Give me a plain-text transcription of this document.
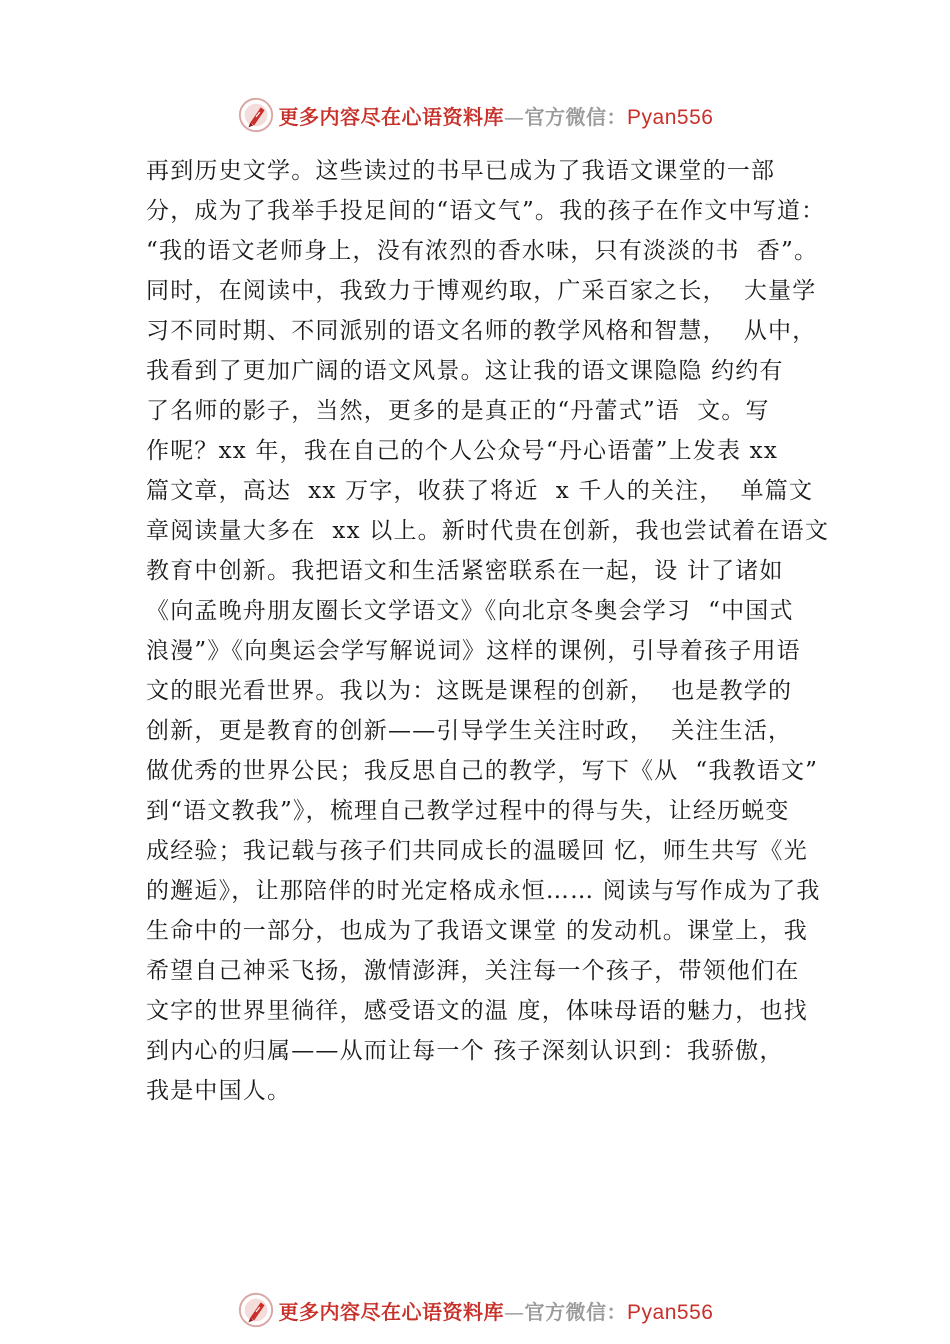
更多内容尽在心语资料库—官方微信：Pyan556
再到历史文学。这些读过的书早已成为了我语文课堂的一部
分，成为了我举手投足间的“语文气”。我的孩子在作文中写道：
“我的语文老师身上，没有浓烈的香水味，只有淡淡的书  香”。
同时，在阅读中，我致力于博观约取，广采百家之长，  大量学
习不同时期、不同派别的语文名师的教学风格和智慧，  从中，
我看到了更加广阔的语文风景。这让我的语文课隐隐 约约有
了名师的影子，当然，更多的是真正的“丹蕾式”语  文。写
作呢？xx 年，我在自己的个人公众号“丹心语蕾”上发表 xx
篇文章，高达  xx 万字，收获了将近  x 千人的关注，  单篇文
章阅读量大多在  xx 以上。新时代贵在创新，我也尝试着在语文
教育中创新。我把语文和生活紧密联系在一起，设 计了诸如
《向孟晚舟朋友圈长文学语文》《向北京冬奥会学习  “中国式
浪漫”》《向奥运会学写解说词》这样的课例，引导着孩子用语
文的眼光看世界。我以为：这既是课程的创新，  也是教学的
创新，更是教育的创新——引导学生关注时政，  关注生活，
做优秀的世界公民；我反思自己的教学，写下《从  “我教语文”
到“语文教我”》，梳理自己教学过程中的得与失，让经历蜕变
成经验；我记载与孩子们共同成长的温暖回 忆，师生共写《光
的邂逅》，让那陪伴的时光定格成永恒…… 阅读与写作成为了我
生命中的一部分，也成为了我语文课堂 的发动机。课堂上，我
希望自己神采飞扬，激情澎湃，关注每一个孩子，带领他们在
文字的世界里徜徉，感受语文的温 度，体味母语的魅力，也找
到内心的归属——从而让每一个 孩子深刻认识到：我骄傲，
我是中国人。
更多内容尽在心语资料库—官方微信：Pyan556
